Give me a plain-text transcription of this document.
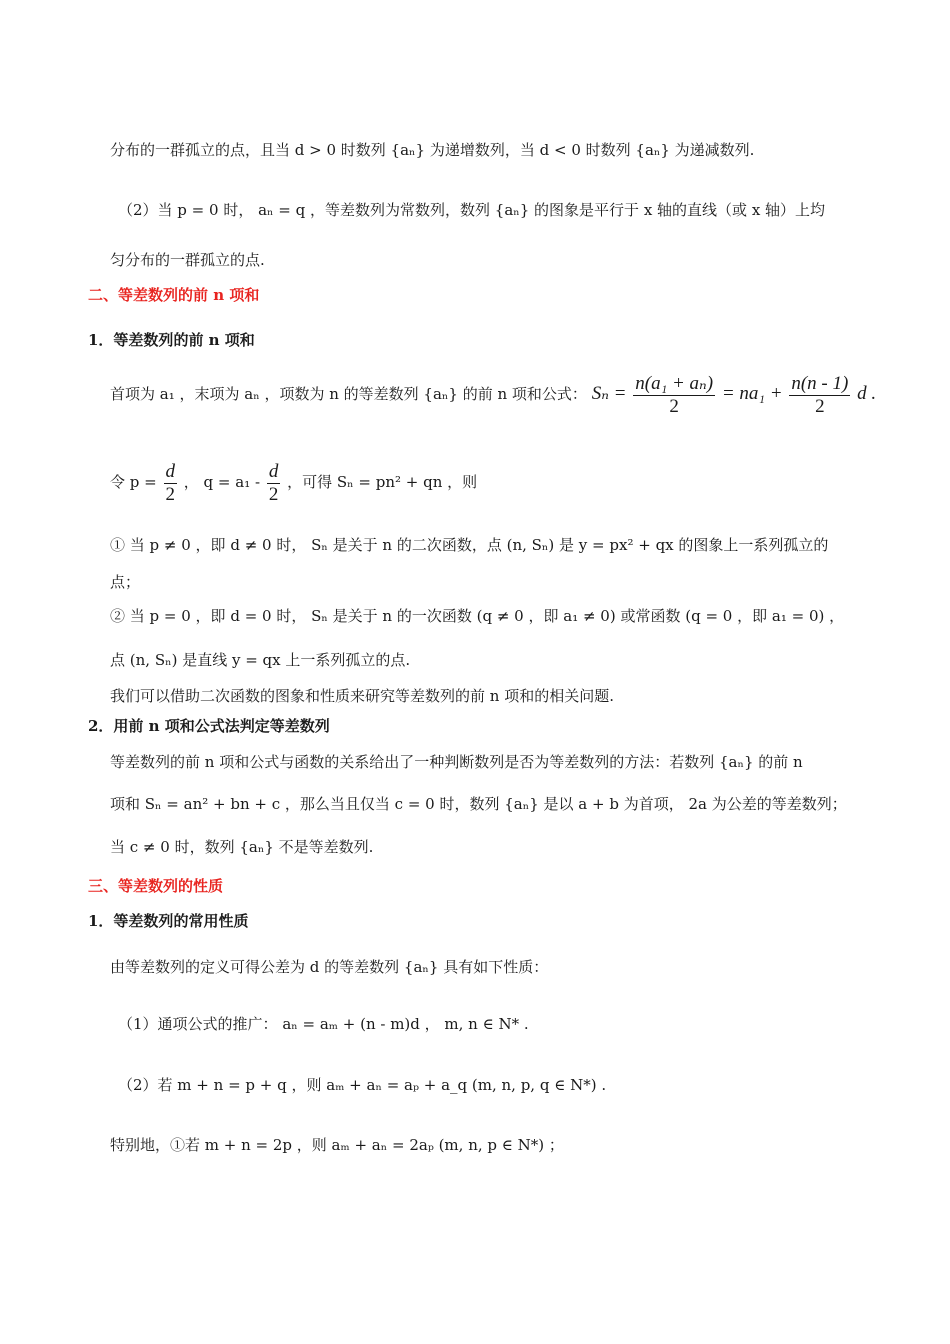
分布的一群孤立的点，且当 d > 0 时数列 {aₙ} 为递增数列，当 d < 0 时数列 {aₙ} 为递减数列.
（2）当 p = 0 时， aₙ = q ，等差数列为常数列，数列 {aₙ} 的图象是平行于 x 轴的直线（或 x 轴）上均
匀分布的一群孤立的点.
二、等差数列的前 n 项和
1．等差数列的前 n 项和
首项为 a₁ ，末项为 aₙ ，项数为 n 的等差数列 {aₙ} 的前 n 项和公式： $S_n = \frac{\text{n(a₁ + aₙ)}}{2} = na_1 + \frac{n(n - 1)}{2}$ d .
令 $p = \frac{d}{2}$ ， $q = a_1 - \frac{d}{2}$ ，可得 Sₙ = pn² + qn ，则
① 当 p ≠ 0 ，即 d ≠ 0 时， Sₙ 是关于 n 的二次函数，点 (n, Sₙ) 是 y = px² + qx 的图象上一系列孤立的
点；
② 当 p = 0 ，即 d = 0 时， Sₙ 是关于 n 的一次函数 (q ≠ 0 ，即 a₁ ≠ 0) 或常函数 (q = 0 ，即 a₁ = 0) ，
点 (n, Sₙ) 是直线 y = qx 上一系列孤立的点.
我们可以借助二次函数的图象和性质来研究等差数列的前 n 项和的相关问题.
2．用前 n 项和公式法判定等差数列
等差数列的前 n 项和公式与函数的关系给出了一种判断数列是否为等差数列的方法：若数列 {aₙ} 的前 n
项和 Sₙ = an² + bn + c ，那么当且仅当 c = 0 时，数列 {aₙ} 是以 a + b 为首项， 2a 为公差的等差数列；
当 c ≠ 0 时，数列 {aₙ} 不是等差数列.
三、等差数列的性质
1．等差数列的常用性质
由等差数列的定义可得公差为 d 的等差数列 {aₙ} 具有如下性质：
（1）通项公式的推广： aₙ = aₘ + (n - m)d ， m, n ∈ N* .
（2）若 m + n = p + q ，则 aₘ + aₙ = aₚ + a_q (m, n, p, q ∈ N*) .
特别地，①若 m + n = 2p ，则 aₘ + aₙ = 2aₚ (m, n, p ∈ N*) ；
